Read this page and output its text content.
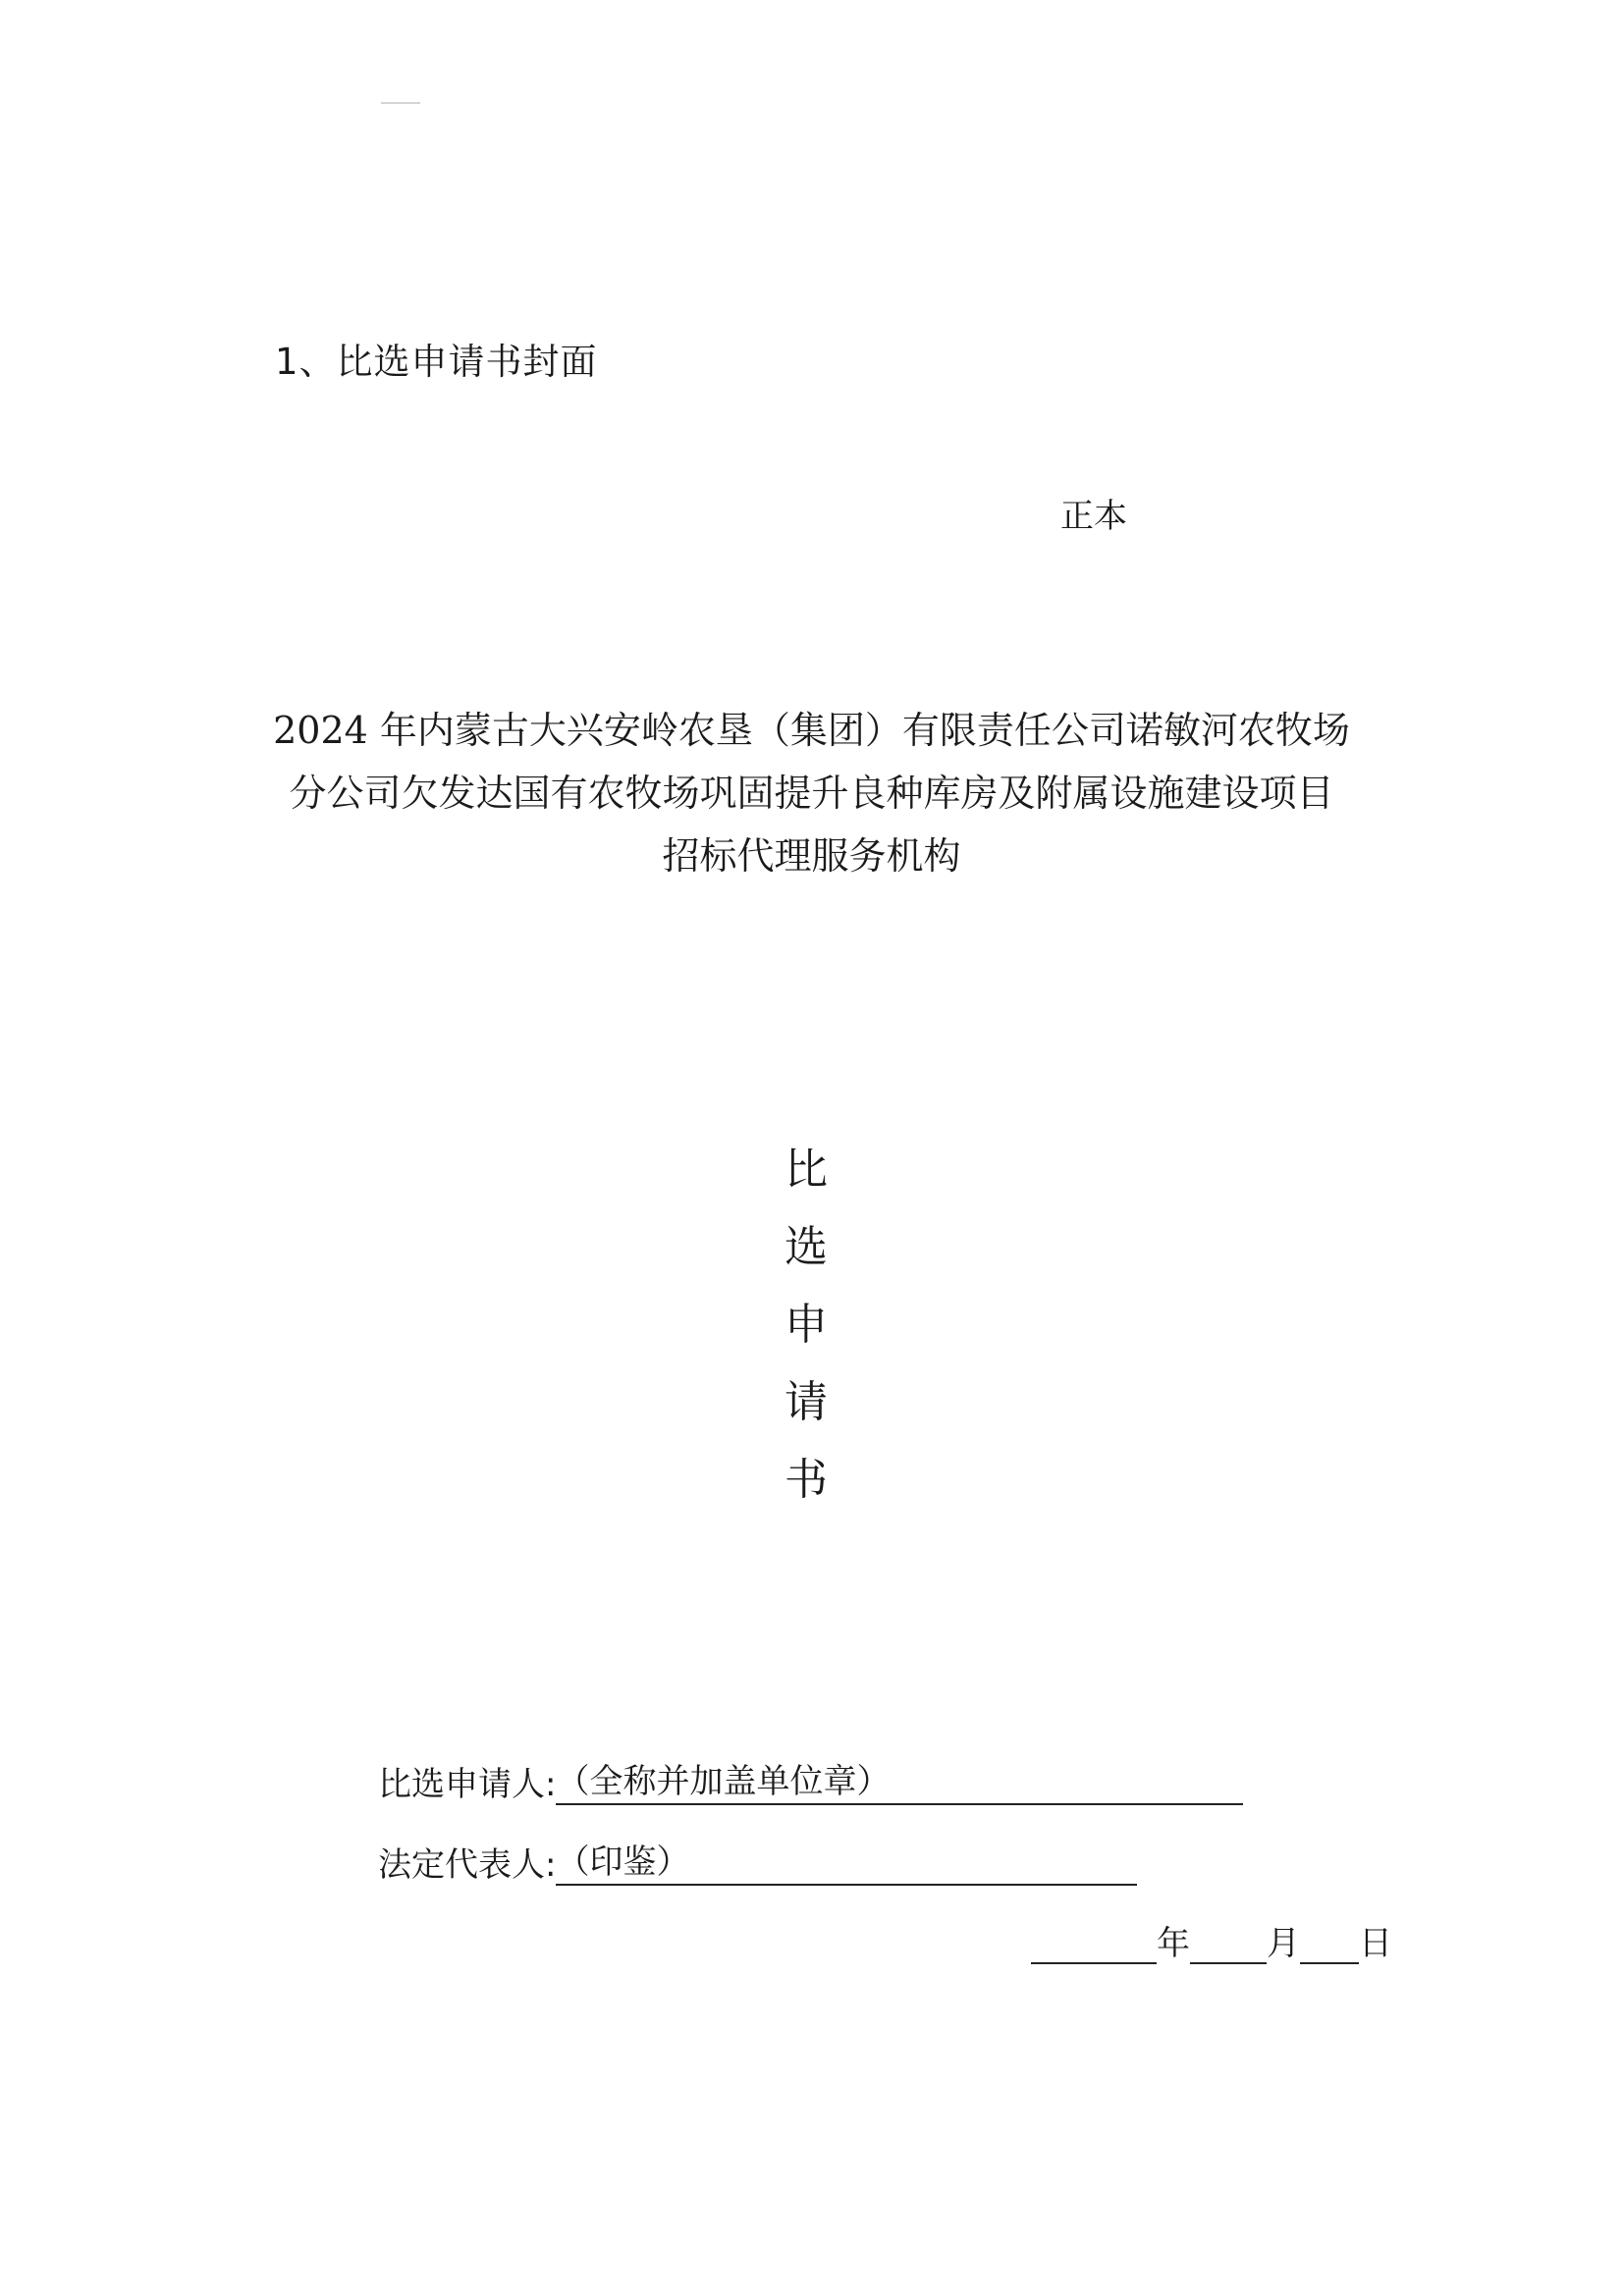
1、比选申请书封面
正本
2024 年内蒙古大兴安岭农垦（集团）有限责任公司诺敏河农牧场
分公司欠发达国有农牧场巩固提升良种库房及附属设施建设项目
招标代理服务机构
比
选
申
请
书
比选申请人: （全称并加盖单位章）
法定代表人: （印鉴）
年 月 日
